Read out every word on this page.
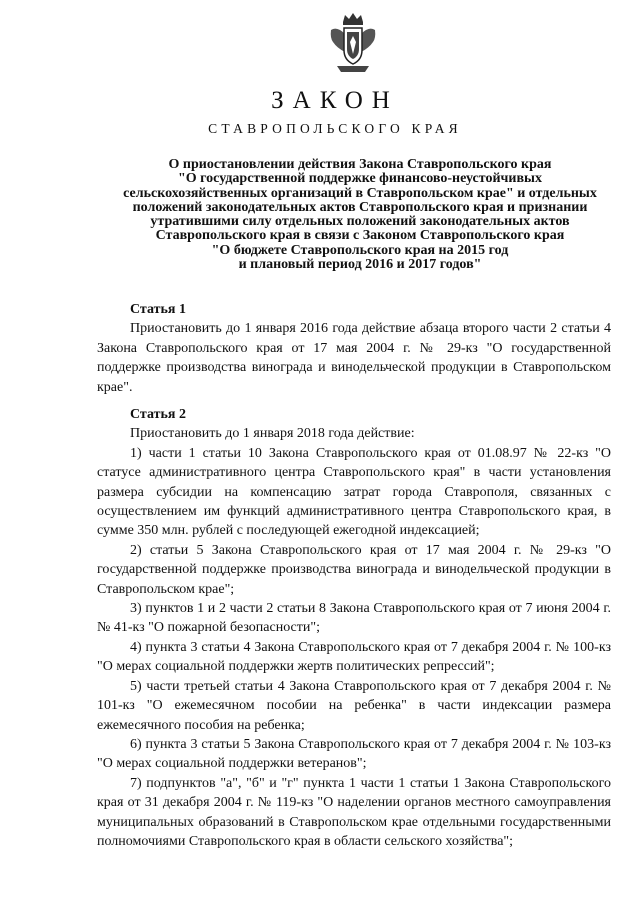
ЗАКОН
СТАВРОПОЛЬСКОГО КРАЯ
О приостановлении действия Закона Ставропольского края
"О государственной поддержке финансово-неустойчивых
сельскохозяйственных организаций в Ставропольском крае" и отдельных
положений законодательных актов Ставропольского края и признании
утратившими силу отдельных положений законодательных актов
Ставропольского края в связи с Законом Ставропольского края
"О бюджете Ставропольского края на 2015 год
и плановый период 2016 и 2017 годов"

Статья 1

Приостановить до 1 января 2016 года действие абзаца второго части 2 статьи 4 Закона Ставропольского края от 17 мая 2004 г. № 29-кз "О государственной поддержке производства винограда и винодельческой продукции в Ставропольском крае".

Статья 2

Приостановить до 1 января 2018 года действие:

1) части 1 статьи 10 Закона Ставропольского края от 01.08.97 № 22-кз "О статусе административного центра Ставропольского края" в части установления размера субсидии на компенсацию затрат города Ставрополя, связанных с осуществлением им функций административного центра Ставропольского края, в сумме 350 млн. рублей с последующей ежегодной индексацией;

2) статьи 5 Закона Ставропольского края от 17 мая 2004 г. № 29-кз "О государственной поддержке производства винограда и винодельческой продукции в Ставропольском крае";

3) пунктов 1 и 2 части 2 статьи 8 Закона Ставропольского края от 7 июня 2004 г. № 41-кз "О пожарной безопасности";

4) пункта 3 статьи 4 Закона Ставропольского края от 7 декабря 2004 г. № 100-кз "О мерах социальной поддержки жертв политических репрессий";

5) части третьей статьи 4 Закона Ставропольского края от 7 декабря 2004 г. № 101-кз "О ежемесячном пособии на ребенка" в части индексации размера ежемесячного пособия на ребенка;

6) пункта 3 статьи 5 Закона Ставропольского края от 7 декабря 2004 г. № 103-кз "О мерах социальной поддержки ветеранов";

7) подпунктов "а", "б" и "г" пункта 1 части 1 статьи 1 Закона Ставропольского края от 31 декабря 2004 г. № 119-кз "О наделении органов местного самоуправления муниципальных образований в Ставропольском крае отдельными государственными полномочиями Ставропольского края в области сельского хозяйства";
